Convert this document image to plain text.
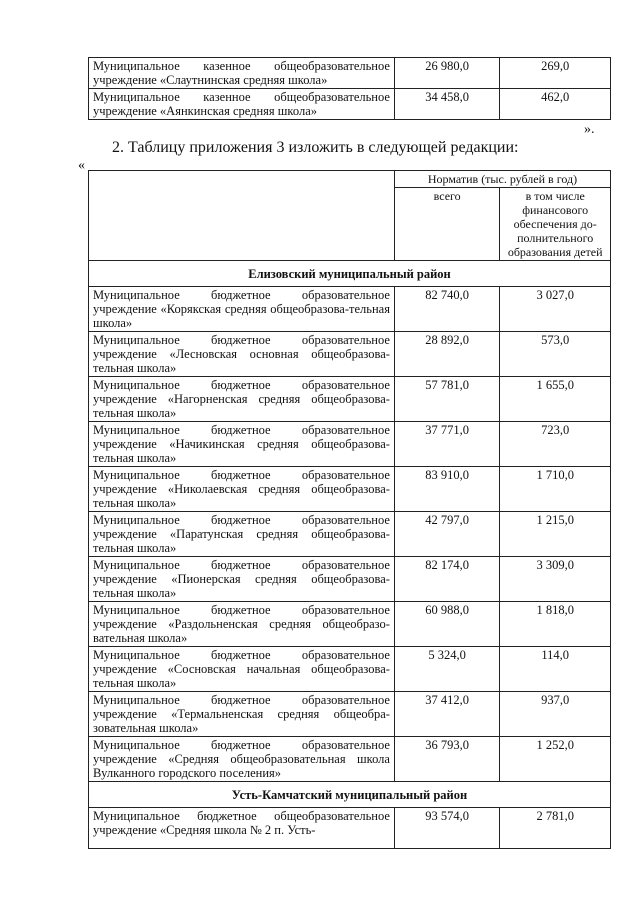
Муниципальное казенное общеобразовательное учреждение «Слаутнинская средняя школа»	26 980,0	269,0
Муниципальное казенное общеобразовательное учреждение «Аянкинская средняя школа»	34 458,0	462,0
».
2. Таблицу приложения 3 изложить в следующей редакции:
«
	Норматив (тыс. рублей в год)	
	всего	в том числе финансового обеспечения до-полнительного образования детей
Елизовский муниципальный район		
Муниципальное бюджетное образовательное учреждение «Корякская средняя общеобразова-тельная школа»	82 740,0	3 027,0
Муниципальное бюджетное образовательное учреждение «Лесновская основная общеобразова-тельная школа»	28 892,0	573,0
Муниципальное бюджетное образовательное учреждение «Нагорненская средняя общеобразова-тельная школа»	57 781,0	1 655,0
Муниципальное бюджетное образовательное учреждение «Начикинская средняя общеобразова-тельная школа»	37 771,0	723,0
Муниципальное бюджетное образовательное учреждение «Николаевская средняя общеобразова-тельная школа»	83 910,0	1 710,0
Муниципальное бюджетное образовательное учреждение «Паратунская средняя общеобразова-тельная школа»	42 797,0	1 215,0
Муниципальное бюджетное образовательное учреждение «Пионерская средняя общеобразова-тельная школа»	82 174,0	3 309,0
Муниципальное бюджетное образовательное учреждение «Раздольненская средняя общеобразо-вательная школа»	60 988,0	1 818,0
Муниципальное бюджетное образовательное учреждение «Сосновская начальная общеобразова-тельная школа»	5 324,0	114,0
Муниципальное бюджетное образовательное учреждение «Термальненская средняя общеобра-зовательная школа»	37 412,0	937,0
Муниципальное бюджетное образовательное учреждение «Средняя общеобразовательная школа Вулканного городского поселения»	36 793,0	1 252,0
Усть-Камчатский муниципальный район		
Муниципальное бюджетное общеобразовательное учреждение «Средняя школа № 2 п. Усть-	93 574,0	2 781,0
